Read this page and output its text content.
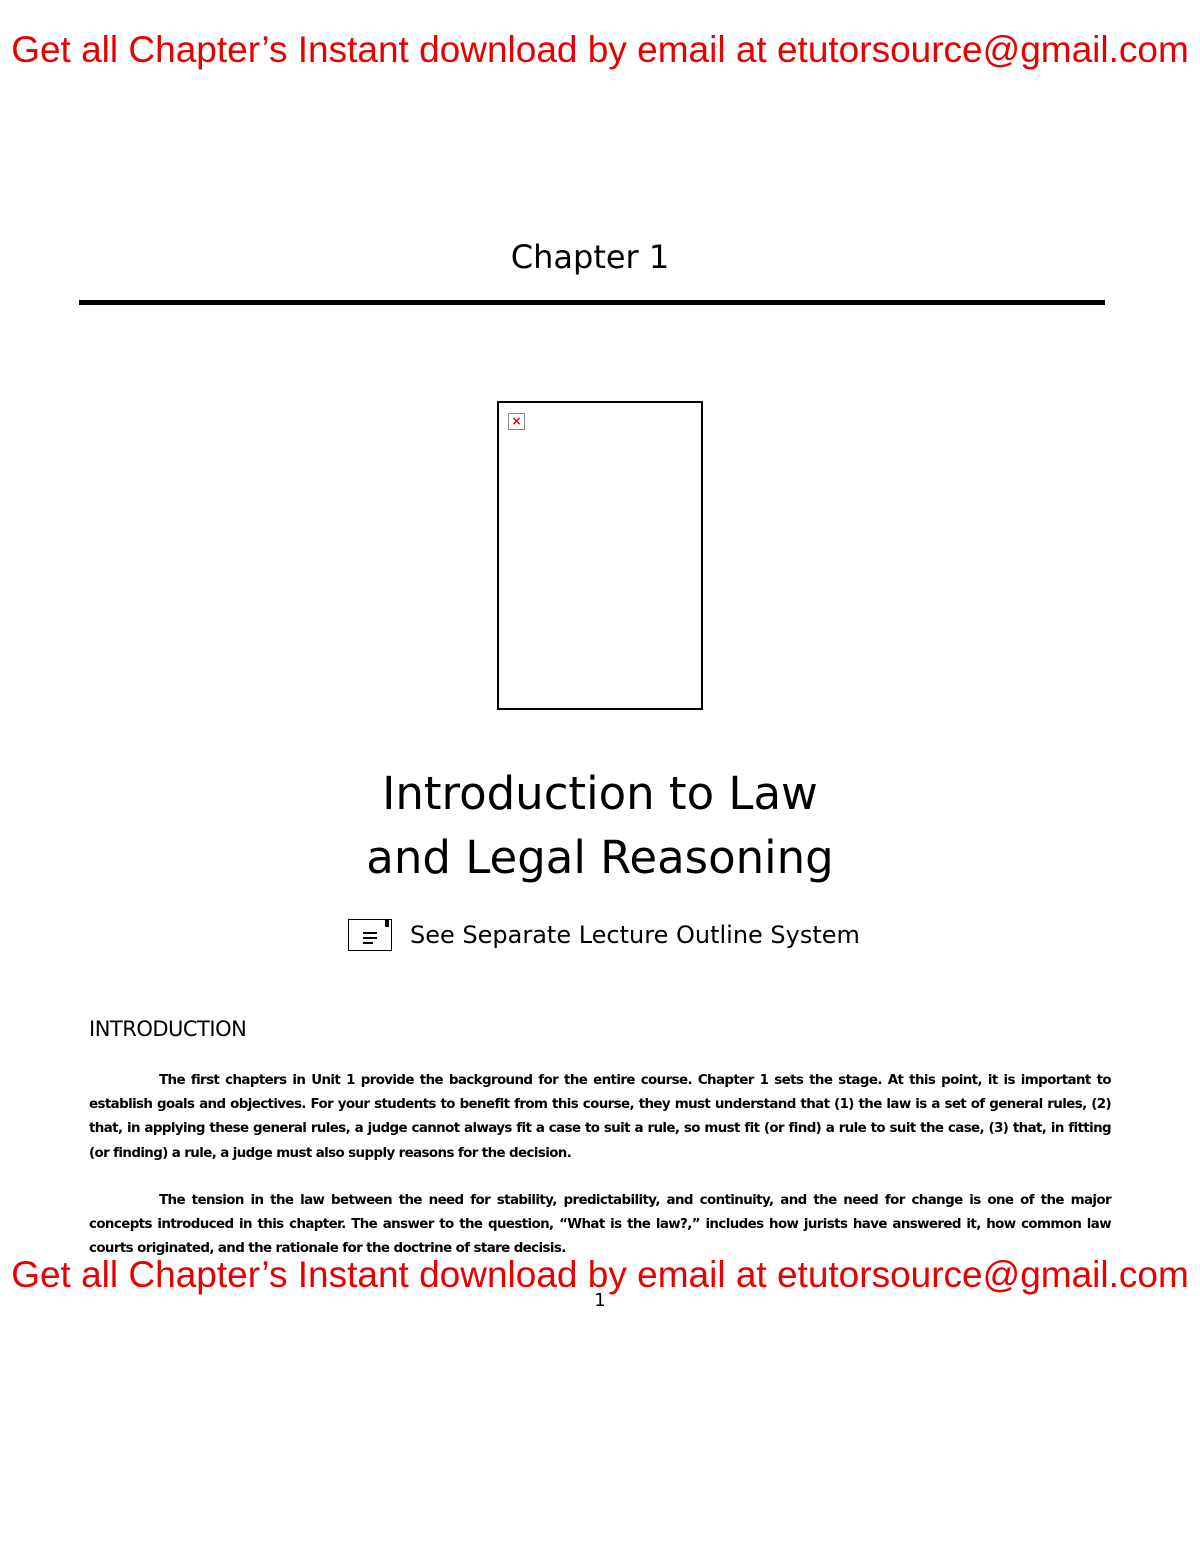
Get all Chapter’s Instant download by email at etutorsource@gmail.com
Chapter 1
×
Introduction to Law
and Legal Reasoning
See Separate Lecture Outline System
INTRODUCTION
The first chapters in Unit 1 provide the background for the entire course. Chapter 1 sets the stage. At this point, it is important to establish goals and objectives. For your students to benefit from this course, they must understand that (1) the law is a set of general rules, (2) that, in applying these general rules, a judge cannot always fit a case to suit a rule, so must fit (or find) a rule to suit the case, (3) that, in fitting (or finding) a rule, a judge must also supply reasons for the decision.
The tension in the law between the need for stability, predictability, and continuity, and the need for change is one of the major concepts introduced in this chapter. The answer to the question, “What is the law?,” includes how jurists have answered it, how common law courts originated, and the rationale for the doctrine of stare decisis.
Get all Chapter’s Instant download by email at etutorsource@gmail.com
1
